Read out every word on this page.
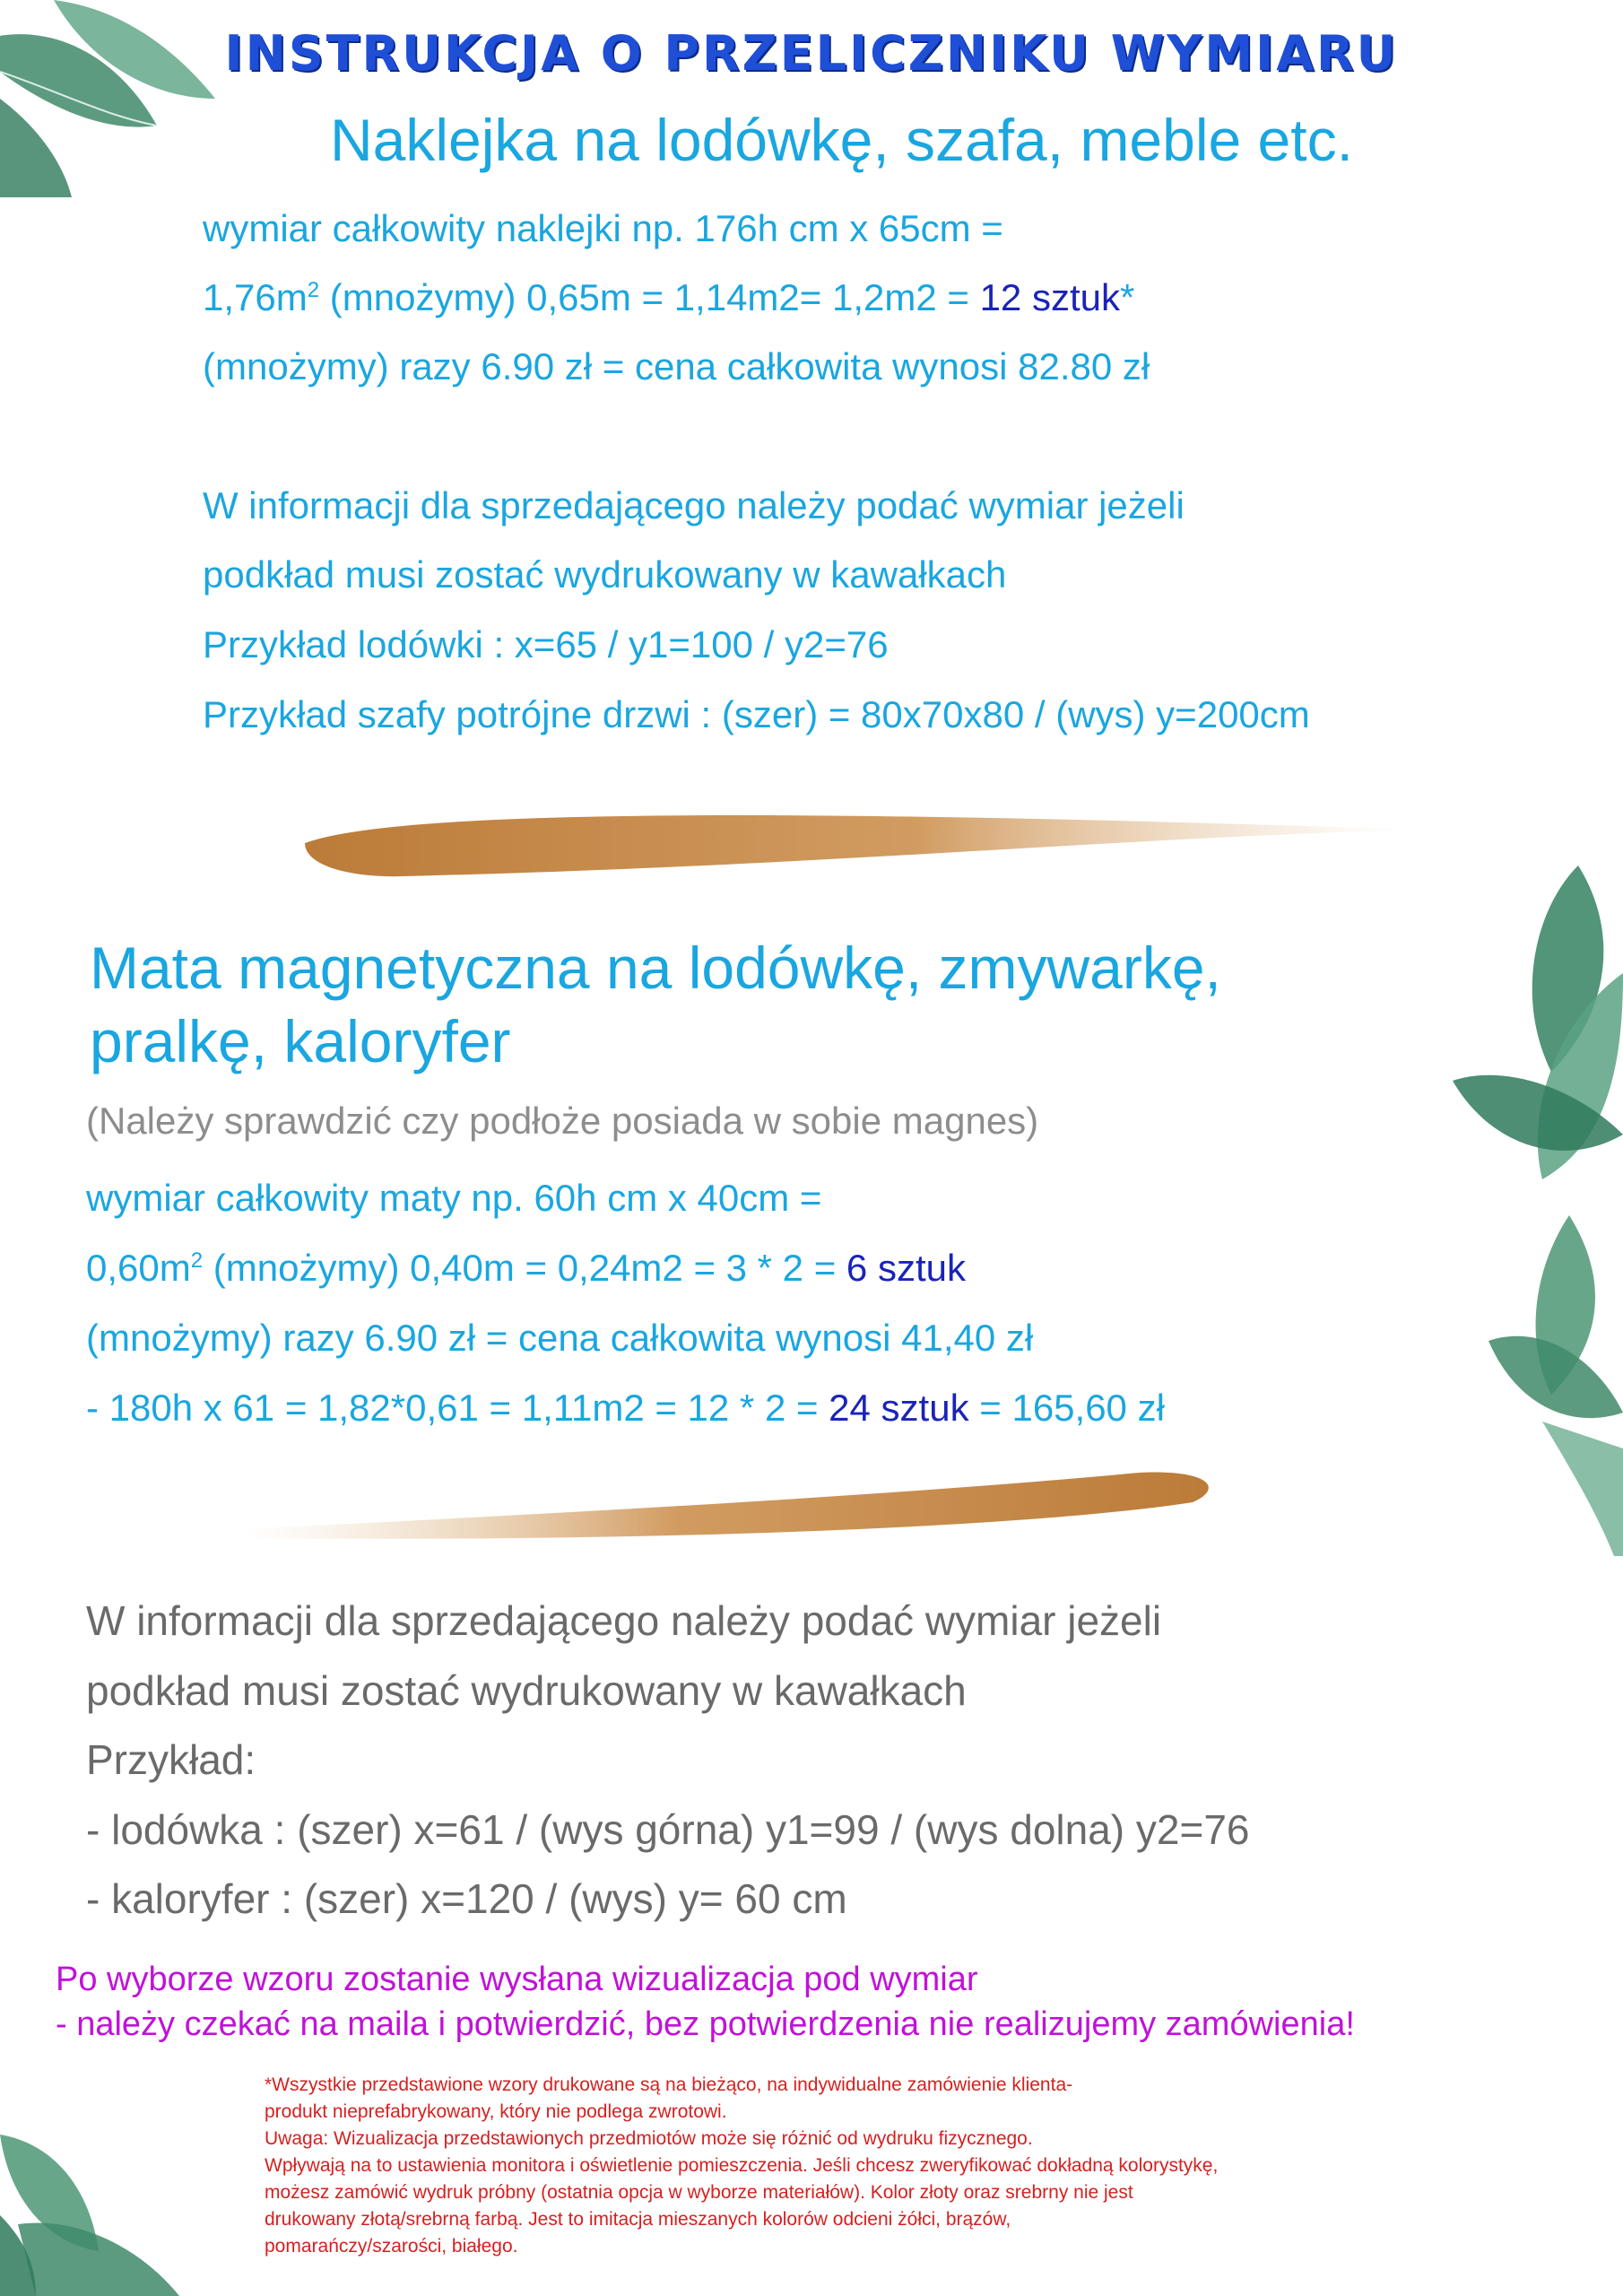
INSTRUKCJA O PRZELICZNIKU WYMIARU
Naklejka na lodówkę, szafa, meble etc.
wymiar całkowity naklejki np. 176h cm x 65cm =
$1,76m^2$ (mnożymy) 0,65m = 1,14m2= 1,2m2 = 12 sztuk*
(mnożymy) razy 6.90 zł = cena całkowita wynosi 82.80 zł
W informacji dla sprzedającego należy podać wymiar jeżeli
podkład musi zostać wydrukowany w kawałkach
Przykład lodówki : x=65 / y1=100 / y2=76
Przykład szafy potrójne drzwi : (szer) = 80x70x80 / (wys) y=200cm
Mata magnetyczna na lodówkę, zmywarkę,
pralkę, kaloryfer
(Należy sprawdzić czy podłoże posiada w sobie magnes)
wymiar całkowity maty np. 60h cm x 40cm =
$0,60m^2$ (mnożymy) 0,40m = 0,24m2 = 3 * 2 = 6 sztuk
(mnożymy) razy 6.90 zł = cena całkowita wynosi 41,40 zł
- 180h x 61 = 1,82*0,61 = 1,11m2 = 12 * 2 = 24 sztuk = 165,60 zł
W informacji dla sprzedającego należy podać wymiar jeżeli
podkład musi zostać wydrukowany w kawałkach
Przykład:
- lodówka : (szer) x=61 / (wys górna) y1=99 / (wys dolna) y2=76
- kaloryfer : (szer) x=120 / (wys) y= 60 cm
Po wyborze wzoru zostanie wysłana wizualizacja pod wymiar
- należy czekać na maila i potwierdzić, bez potwierdzenia nie realizujemy zamówienia!
*Wszystkie przedstawione wzory drukowane są na bieżąco, na indywidualne zamówienie klienta-
produkt nieprefabrykowany, który nie podlega zwrotowi.
Uwaga: Wizualizacja przedstawionych przedmiotów może się różnić od wydruku fizycznego.
Wpływają na to ustawienia monitora i oświetlenie pomieszczenia. Jeśli chcesz zweryfikować dokładną kolorystykę,
możesz zamówić wydruk próbny (ostatnia opcja w wyborze materiałów). Kolor złoty oraz srebrny nie jest
drukowany złotą/srebrną farbą. Jest to imitacja mieszanych kolorów odcieni żółci, brązów,
pomarańczy/szarości, białego.
